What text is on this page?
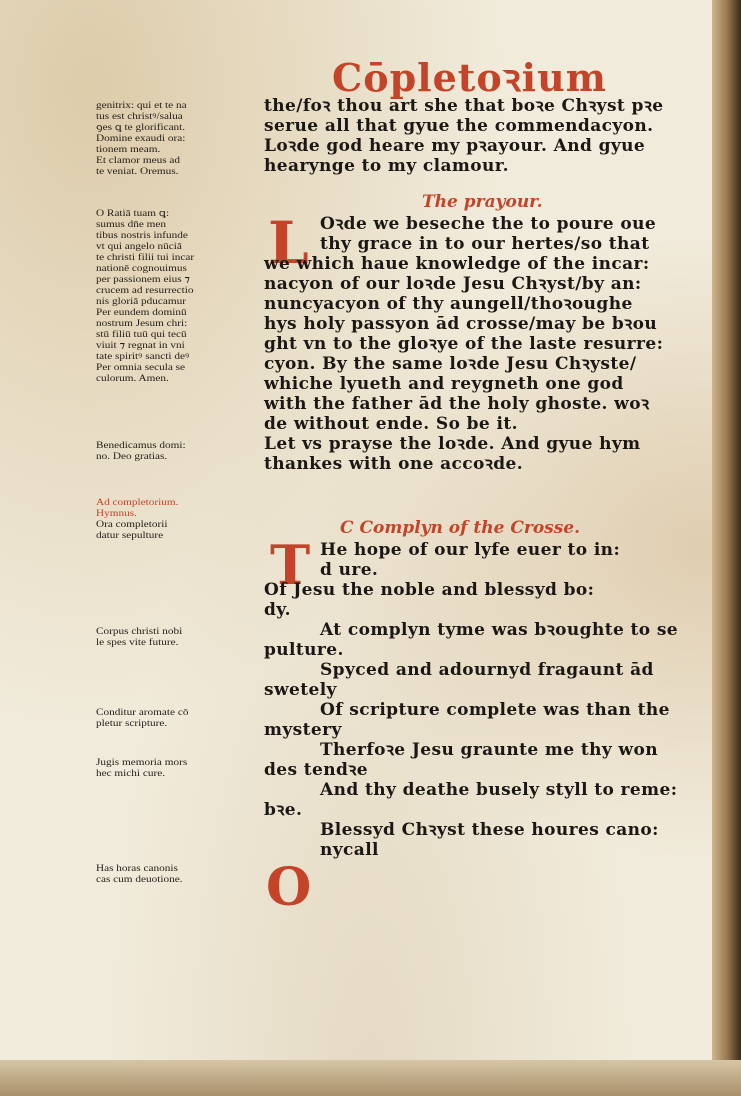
Cōpletoꝛium
genitrix: qui et te na
tus est christꝰ/salua
ꝯes ꝗ te glorificant.
Domine exaudi ora:
tionem meam.
Et clamor meus ad
te veniat. Oremus.
O Ratiā tuam ꝗ:
sumus dn̄e men
tibus nostris infunde
vt qui angelo nūciā
te christi filii tui incar
nationē cognouimus
per passionem eius ⁊
crucem ad resurrectio
nis gloriā pducamur
Per eundem dominū
nostrum Jesum chri:
stū filiū tuū qui tecū
viuit ⁊ regnat in vni
tate spiritꝰ sancti deꝰ
Per omnia secula se
culorum. Amen.
Benedicamus domi:
no. Deo gratias.
Ad completorium.
Hymnus.
Ora completorii
datur sepulture
Corpus christi nobi
le spes vite future.
Conditur aromate cō
pletur scripture.
Jugis memoria mors
hec michi cure.
Has horas canonis
cas cum deuotione.
the/foꝛ thou art she that boꝛe Chꝛyst pꝛe
serue all that gyue the commendacyon.
Loꝛde god heare my pꝛayour. And gyue
hearynge to my clamour.
The prayour.
L Oꝛde we beseche the to poure oue
thy grace in to our hertes/so that
we which haue knowledge of the incar:
nacyon of our loꝛde Jesu Chꝛyst/by an:
nuncyacyon of thy aungell/thoꝛoughe
hys holy passyon ād crosse/may be bꝛou
ght vn to the gloꝛye of the laste resurre:
cyon. By the same loꝛde Jesu Chꝛyste/
whiche lyueth and reygneth one god
with the father ād the holy ghoste. woꝛ
de without ende. So be it.
Let vs prayse the loꝛde. And gyue hym
thankes with one accoꝛde.
C Complyn of the Crosse.
T He hope of our lyfe euer to in:
d ure.
Of Jesu the noble and blessyd bo:
dy.
At complyn tyme was bꝛoughte to se
pulture.
Spyced and adournyd fragaunt ād
swetely
Of scripture complete was than the
mystery
Therfoꝛe Jesu graunte me thy won
des tendꝛe
And thy deathe busely styll to reme:
bꝛe.
Blessyd Chꝛyst these houres cano:
nycall
O
